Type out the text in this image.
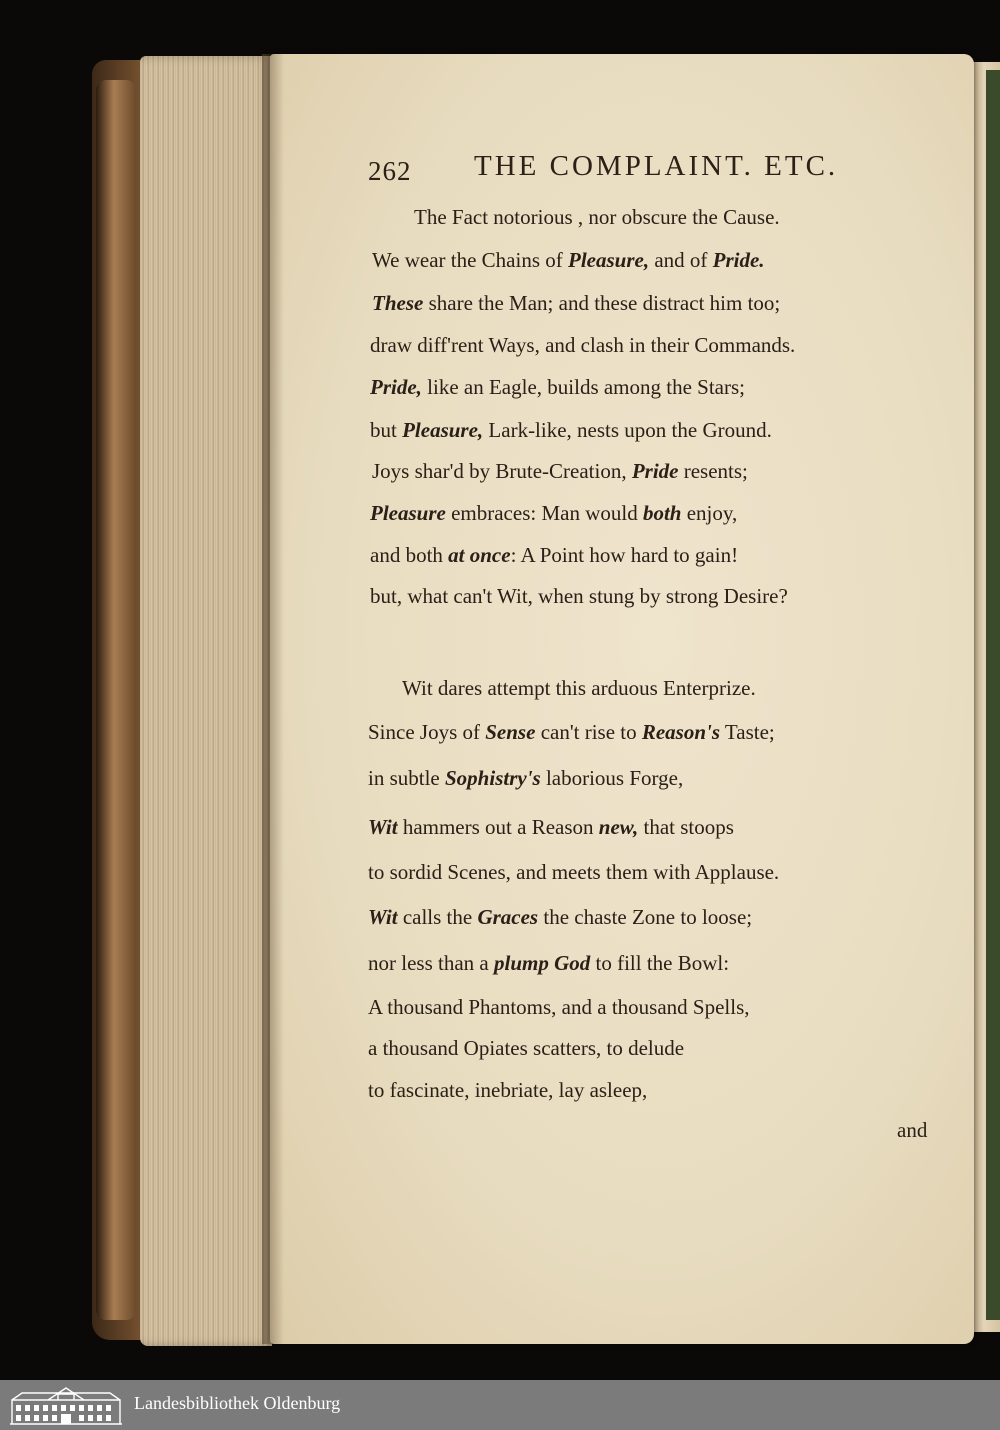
262 THE COMPLAINT. ETC.
The Fact notorious , nor obscure the Cause.
We wear the Chains of Pleasure, and of Pride.
These share the Man; and these distract him too;
draw diff'rent Ways, and clash in their Commands.
Pride, like an Eagle, builds among the Stars;
but Pleasure, Lark-like, nests upon the Ground.
Joys shar'd by Brute-Creation, Pride resents;
Pleasure embraces: Man would both enjoy,
and both at once: A Point how hard to gain!
but, what can't Wit, when stung by strong Desire?
Wit dares attempt this arduous Enterprize.
Since Joys of Sense can't rise to Reason's Taste;
in subtle Sophistry's laborious Forge,
Wit hammers out a Reason new, that stoops
to sordid Scenes, and meets them with Applause.
Wit calls the Graces the chaste Zone to loose;
nor less than a plump God to fill the Bowl:
A thousand Phantoms, and a thousand Spells,
a thousand Opiates scatters, to delude
to fascinate, inebriate, lay asleep,
and
Landesbibliothek Oldenburg
